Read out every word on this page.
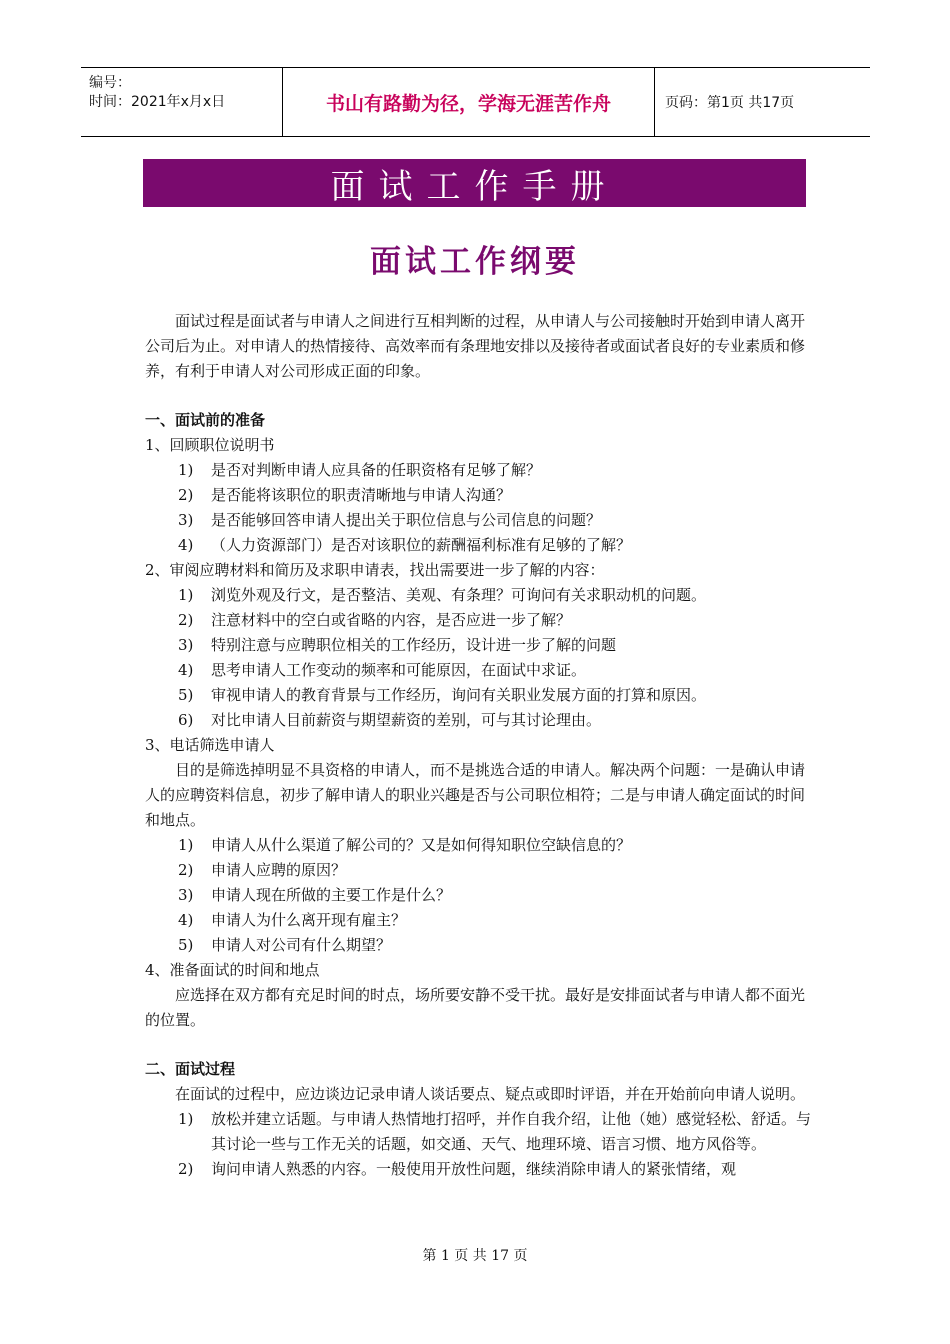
编号：
时间：2021年x月x日	书山有路勤为径，学海无涯苦作舟	页码：第1页 共17页
面试工作手册
面试工作纲要

面试过程是面试者与申请人之间进行互相判断的过程，从申请人与公司接触时开始到申请人离开公司后为止。对申请人的热情接待、高效率而有条理地安排以及接待者或面试者良好的专业素质和修养，有利于申请人对公司形成正面的印象。

一、面试前的准备

1、回顾职位说明书

1) 是否对判断申请人应具备的任职资格有足够了解？
2) 是否能将该职位的职责清晰地与申请人沟通？
3) 是否能够回答申请人提出关于职位信息与公司信息的问题？
4) （人力资源部门）是否对该职位的薪酬福利标准有足够的了解？

2、审阅应聘材料和简历及求职申请表，找出需要进一步了解的内容：

1) 浏览外观及行文，是否整洁、美观、有条理？可询问有关求职动机的问题。
2) 注意材料中的空白或省略的内容，是否应进一步了解？
3) 特别注意与应聘职位相关的工作经历，设计进一步了解的问题
4) 思考申请人工作变动的频率和可能原因，在面试中求证。
5) 审视申请人的教育背景与工作经历，询问有关职业发展方面的打算和原因。
6) 对比申请人目前薪资与期望薪资的差别，可与其讨论理由。

3、电话筛选申请人

目的是筛选掉明显不具资格的申请人，而不是挑选合适的申请人。解决两个问题：一是确认申请人的应聘资料信息，初步了解申请人的职业兴趣是否与公司职位相符；二是与申请人确定面试的时间和地点。

1) 申请人从什么渠道了解公司的？又是如何得知职位空缺信息的？
2) 申请人应聘的原因？
3) 申请人现在所做的主要工作是什么？
4) 申请人为什么离开现有雇主？
5) 申请人对公司有什么期望？

4、准备面试的时间和地点

应选择在双方都有充足时间的时点，场所要安静不受干扰。最好是安排面试者与申请人都不面光的位置。

二、面试过程

在面试的过程中，应边谈边记录申请人谈话要点、疑点或即时评语，并在开始前向申请人说明。

1) 放松并建立话题。与申请人热情地打招呼，并作自我介绍，让他（她）感觉轻松、舒适。与其讨论一些与工作无关的话题，如交通、天气、地理环境、语言习惯、地方风俗等。
2) 询问申请人熟悉的内容。一般使用开放性问题，继续消除申请人的紧张情绪，观
第 1 页 共 17 页
